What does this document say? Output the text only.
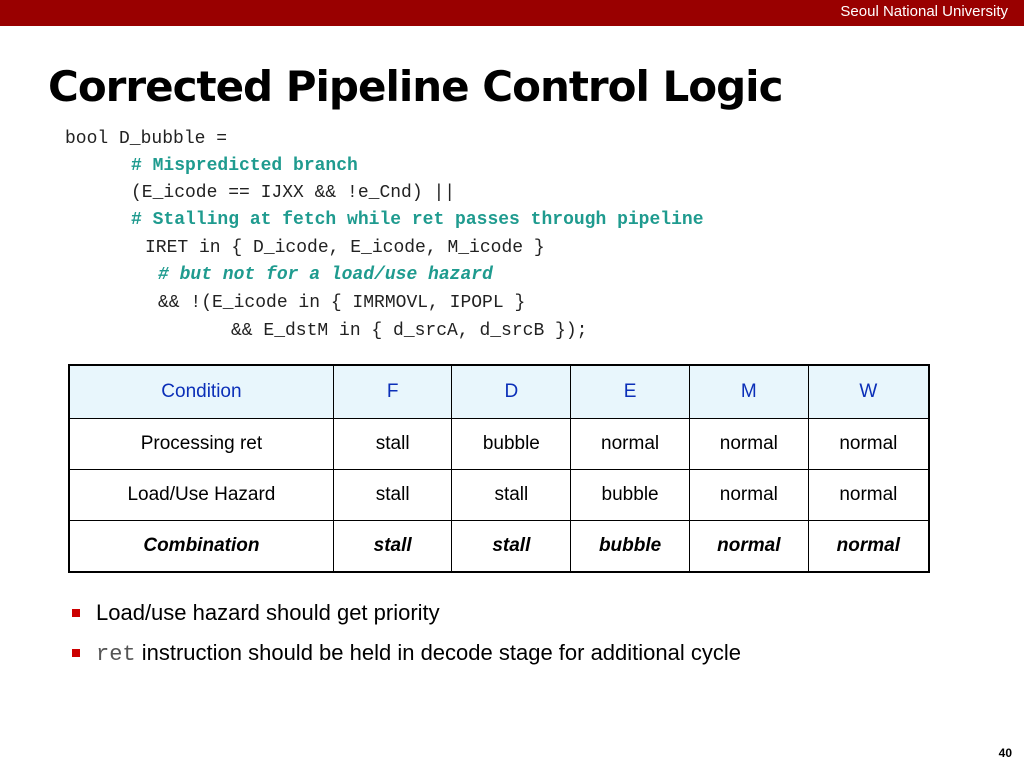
Seoul National University
Corrected Pipeline Control Logic

bool D_bubble =

# Mispredicted branch

(E_icode == IJXX && !e_Cnd) ||

# Stalling at fetch while ret passes through pipeline

IRET in { D_icode, E_icode, M_icode }

# but not for a load/use hazard

&& !(E_icode in { IMRMOVL, IPOPL }

&& E_dstM in { d_srcA, d_srcB });

Condition	F	D	E	M	W
Processing ret	stall	bubble	normal	normal	normal
Load/Use Hazard	stall	stall	bubble	normal	normal
Combination	stall	stall	bubble	normal	normal
Load/use hazard should get priority
ret instruction should be held in decode stage for additional cycle
40
